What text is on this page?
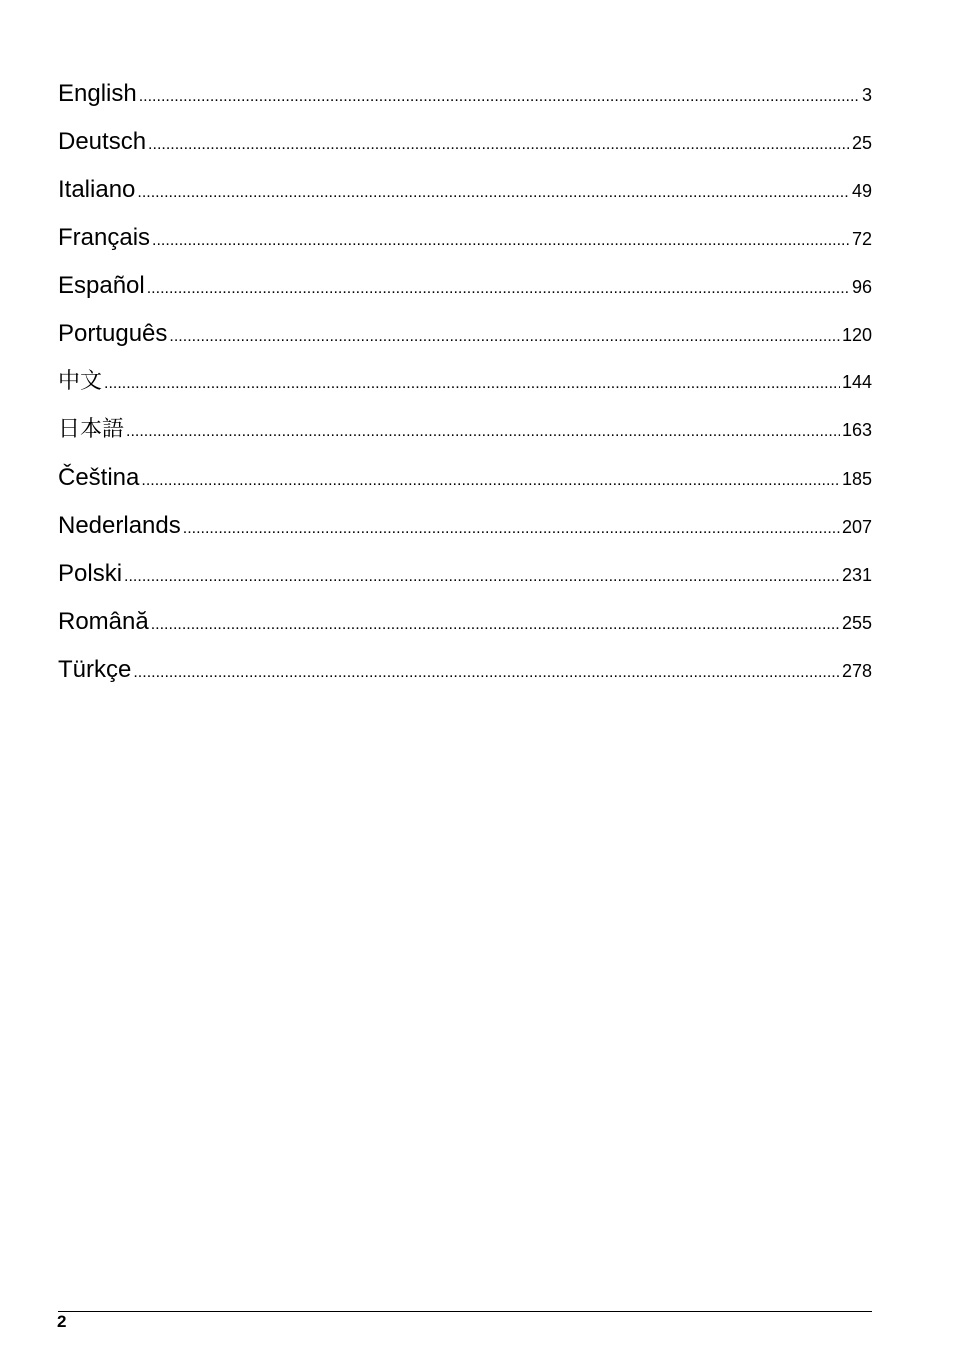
English .....	3
Deutsch .....	25
Italiano .....	49
Français .....	72
Español .....	96
Português .....	120
中文 .....	144
日本語 .....	163
Čeština .....	185
Nederlands .....	207
Polski .....	231
Română .....	255
Türkçe .....	278
2
